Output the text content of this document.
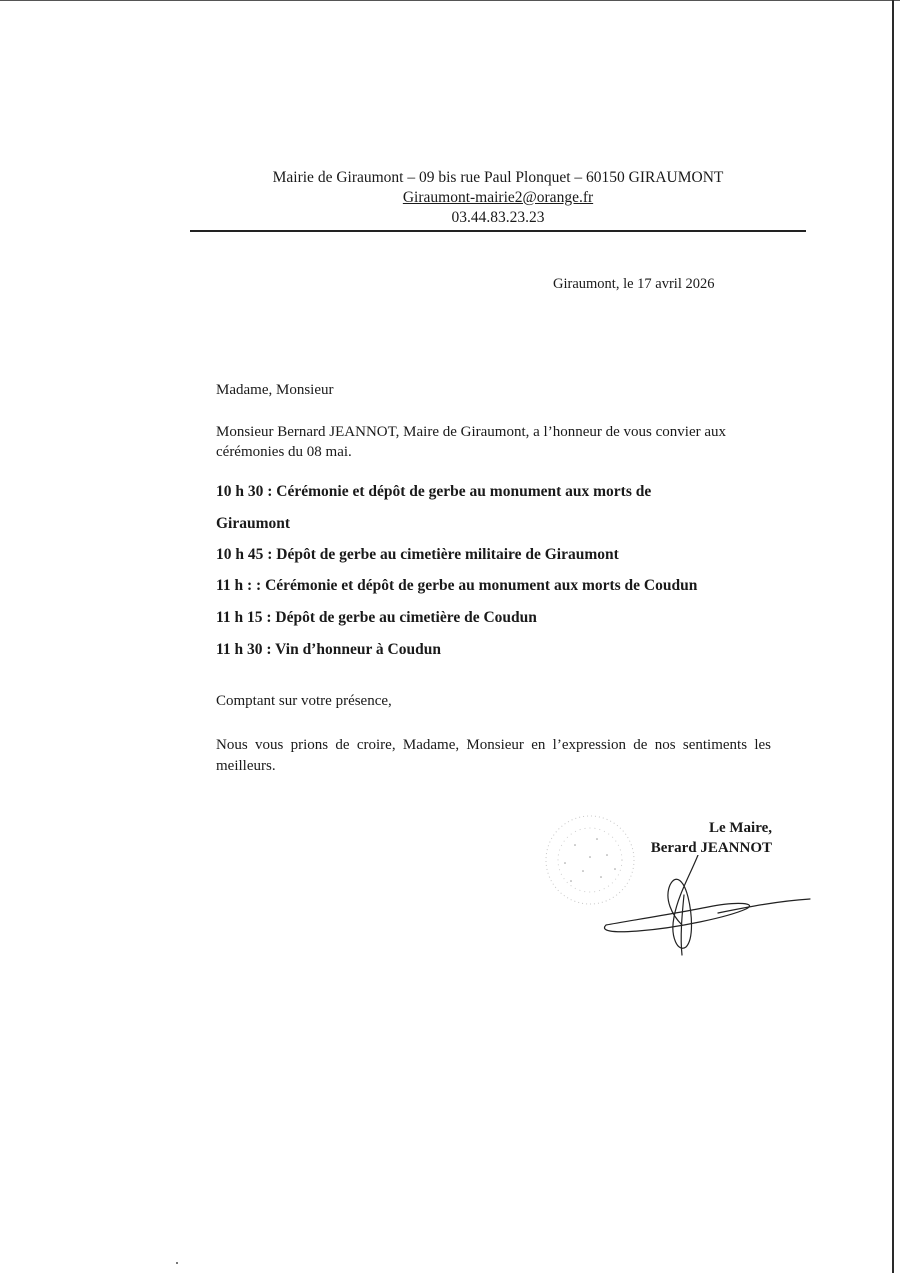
Mairie de Giraumont – 09 bis rue Paul Plonquet – 60150 GIRAUMONT
Giraumont-mairie2@orange.fr
03.44.83.23.23
Giraumont, le 17 avril 2026
Madame, Monsieur
Monsieur Bernard JEANNOT, Maire de Giraumont, a l’honneur de vous convier aux cérémonies du 08 mai.
10 h 30 : Cérémonie et dépôt de gerbe au monument aux morts de
Giraumont
10 h 45 : Dépôt de gerbe au cimetière militaire de Giraumont
11 h : : Cérémonie et dépôt de gerbe au monument aux morts de Coudun
11 h 15 : Dépôt de gerbe au cimetière de Coudun
11 h 30 : Vin d’honneur à Coudun
Comptant sur votre présence,
Nous vous prions de croire, Madame, Monsieur en l’expression de nos sentiments les meilleurs.
Le Maire,
Berard JEANNOT
